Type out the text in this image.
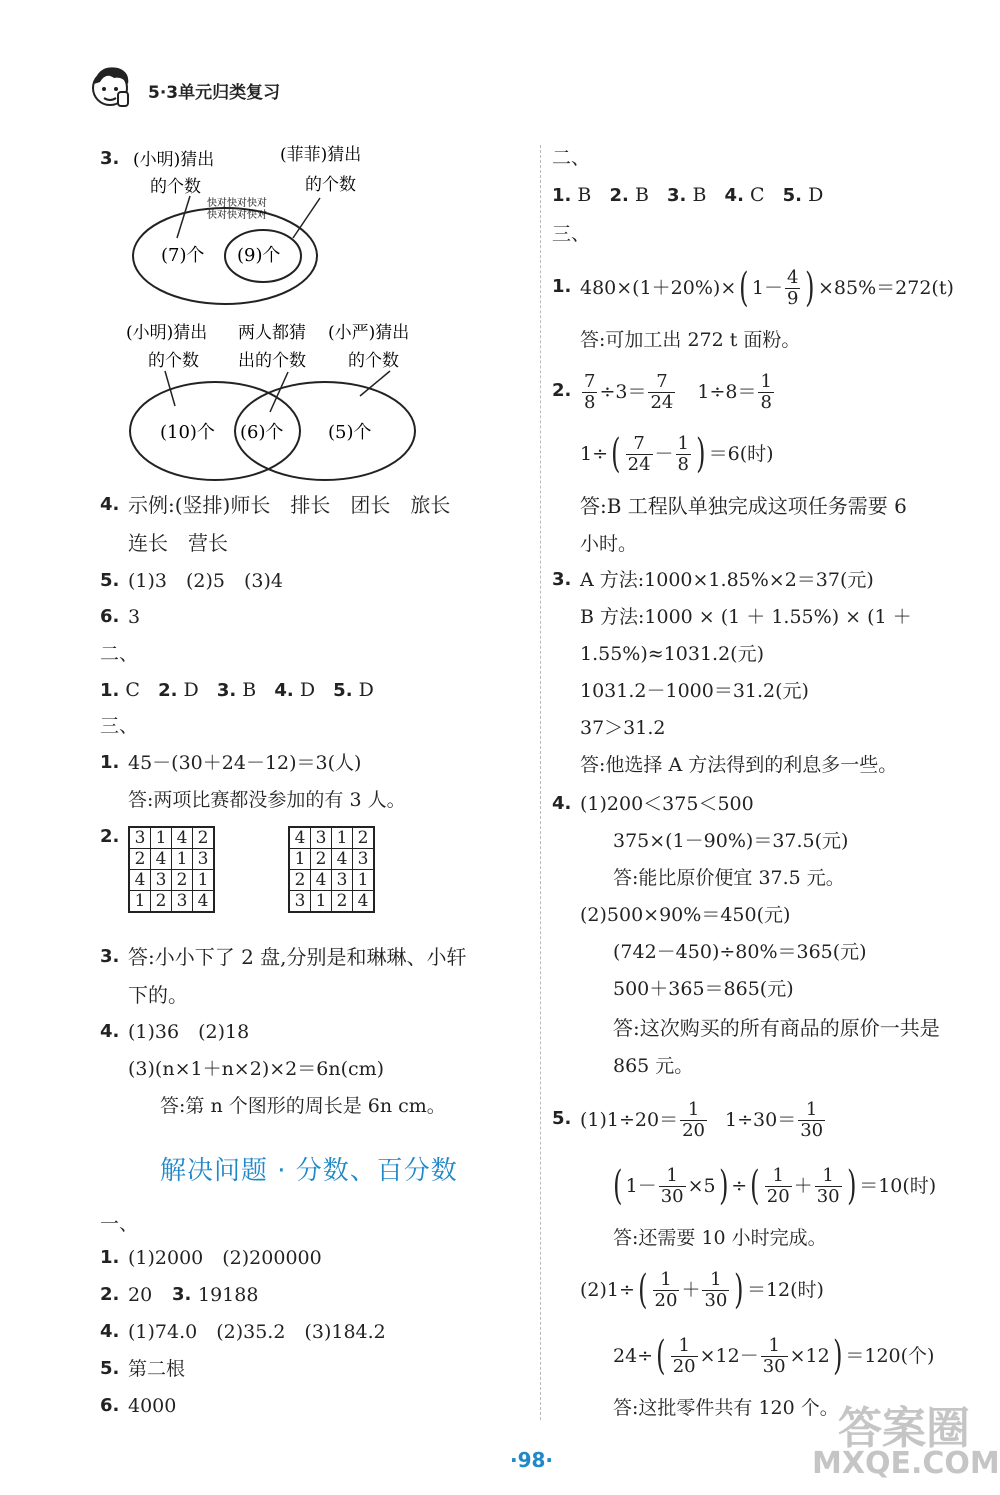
5·3单元归类复习
3. (小明)猜出
的个数
(菲菲)猜出
的个数
快对快对快对
快对快对快对
(7)个 (9)个
(小明)猜出
的个数
两人都猜
出的个数
(小严)猜出
的个数
(10)个 (6)个 (5)个
4. 示例:(竖排)师长　排长　团长　旅长
连长　营长
5. (1)3　(2)5　(3)4
6. 3
二、
1. C 2. D 3. B 4. D 5. D
三、
1. 45－(30＋24－12)＝3(人)
答:两项比赛都没参加的有 3 人。
2. 3	1	4	2
2	4	1	3
4	3	2	1
1	2	3	4
4	3	1	2
1	2	4	3
2	4	3	1
3	1	2	4
3. 答:小小下了 2 盘,分别是和琳琳、小轩
下的。
4. (1)36　(2)18
(3)(n×1＋n×2)×2＝6n(cm)
答:第 n 个图形的周长是 6n cm。
解决问题 · 分数、百分数
一、
1. (1)2000　(2)200000
2. 20 3. 19188
4. (1)74.0　(2)35.2　(3)184.2
5. 第二根
6. 4000
二、
1. B 2. B 3. B 4. C 5. D
三、
1. 480×(1＋20%)× ( $1- \frac{4}{9}$ ) ×85%＝272(t)
答:可加工出 272 t 面粉。
2. $\frac{7}{8} \div 3= \frac{7}{24} 1\div 8= \frac{1}{8}$
1÷ ( $\frac{7}{24} - \frac{1}{8}$ ) ＝6(时)
答:B 工程队单独完成这项任务需要 6
小时。
3. A 方法:1000×1.85%×2＝37(元)
B 方法:1000 × (1 ＋ 1.55%) × (1 ＋
1.55%)≈1031.2(元)
1031.2－1000＝31.2(元)
37＞31.2
答:他选择 A 方法得到的利息多一些。
4. (1)200＜375＜500
375×(1－90%)＝37.5(元)
答:能比原价便宜 37.5 元。
(2)500×90%＝450(元)
(742－450)÷80%＝365(元)
500＋365＝865(元)
答:这次购买的所有商品的原价一共是
865 元。
5. $(1)1\div 20= \frac{1}{20} 1\div 30= \frac{1}{30}$
( $1- \frac{1}{30} \times 5$ ) ÷ ( $\frac{1}{20} + \frac{1}{30}$ ) ＝10(时)
答:还需要 10 小时完成。
(2)1÷ ( $\frac{1}{20} + \frac{1}{30}$ ) ＝12(时)
24÷ ( $\frac{1}{20} \times 12- \frac{1}{30} \times 12$ ) ＝120(个)
答:这批零件共有 120 个。
·98·
答案圈
MXQE.COM
